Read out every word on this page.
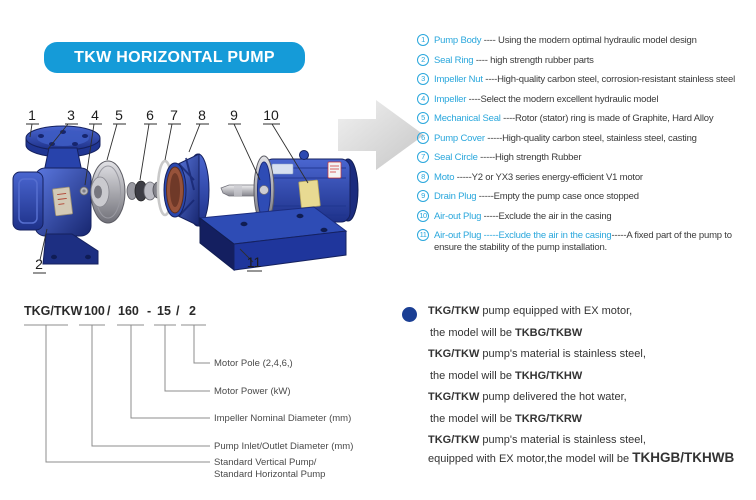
TKW HORIZONTAL PUMP
1 3 4 5 6 7 8 9 10
2	11
1 Pump Body ---- Using the modern optimal hydraulic model design
2 Seal Ring ---- high strength rubber parts
3 Impeller Nut ----High-quality carbon steel, corrosion-resistant stainless steel
4 Impeller ----Select the modern excellent hydraulic model
5 Mechanical Seal ----Rotor (stator) ring is made of Graphite, Hard Alloy
6 Pump Cover -----High-quality carbon steel, stainless steel, casting
7 Seal Circle -----High strength Rubber
8 Moto -----Y2 or YX3 series energy-efficient V1 motor
9 Drain Plug -----Empty the pump case once stopped
10 Air-out Plug -----Exclude the air in the casing
11 Air-out Plug -----Exclude the air in the casing-----A fixed part of the pump to ensure the stability of the pump installation.
TKG/TKW 100 / 160 - 15 / 2
Motor Pole (2,4,6,)
Motor Power (kW)
Impeller Nominal Diameter (mm)
Pump Inlet/Outlet Diameter (mm)
Standard Vertical Pump/
Standard Horizontal Pump
TKG/TKW pump equipped with EX motor,
the model will be TKBG/TKBW
TKG/TKW pump's material is stainless steel,
the model will be TKHG/TKHW
TKG/TKW pump delivered the hot water,
the model will be TKRG/TKRW
TKG/TKW pump's material is stainless steel,
equipped with EX motor,the model will be TKHGB/TKHWB
